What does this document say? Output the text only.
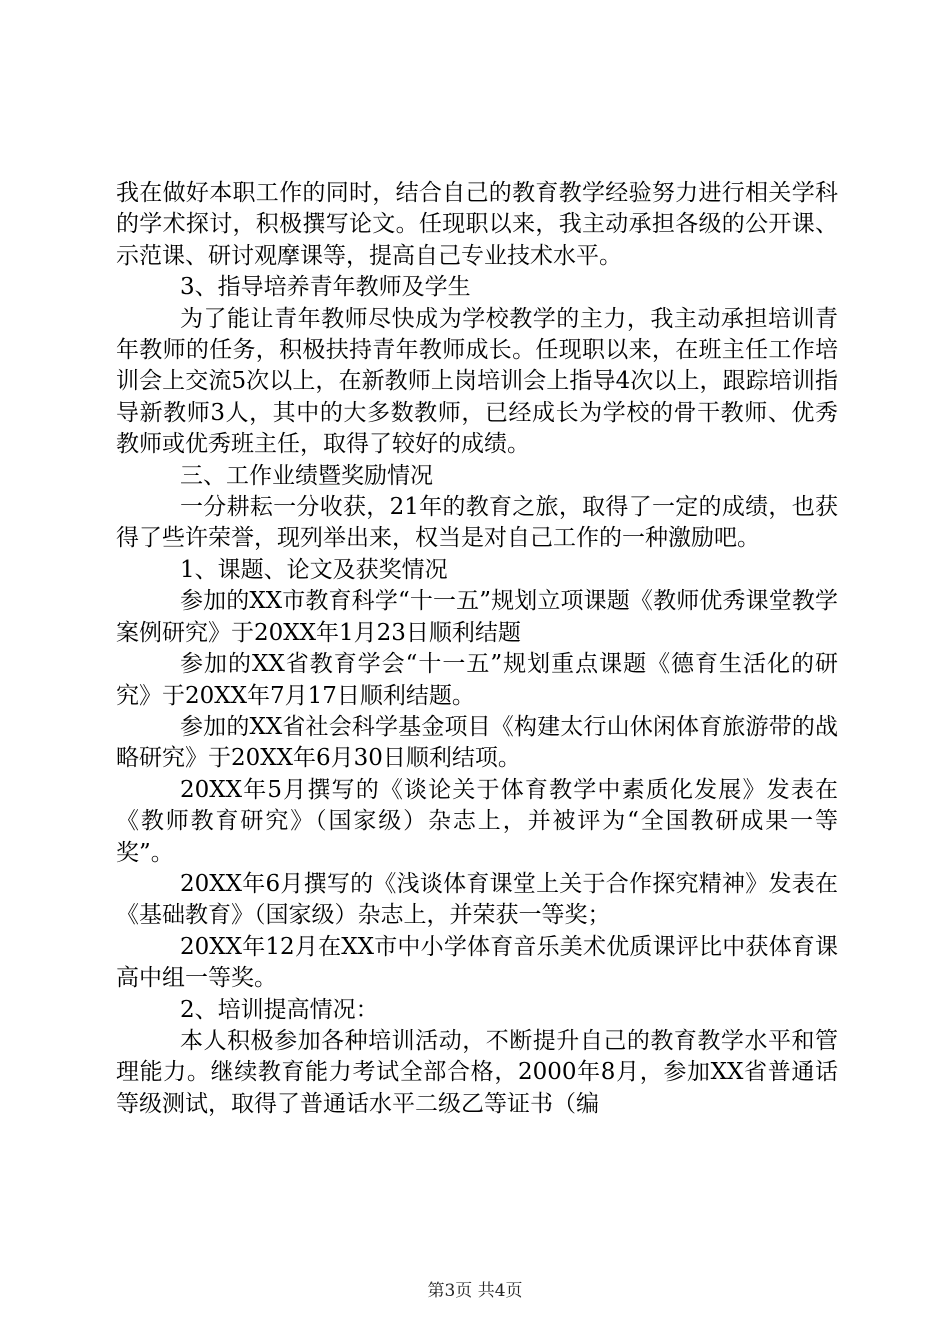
我在做好本职工作的同时，结合自己的教育教学经验努力进行相关学科的学术探讨，积极撰写论文。任现职以来，我主动承担各级的公开课、示范课、研讨观摩课等，提高自己专业技术水平。

3、指导培养青年教师及学生

为了能让青年教师尽快成为学校教学的主力，我主动承担培训青年教师的任务，积极扶持青年教师成长。任现职以来，在班主任工作培训会上交流5次以上，在新教师上岗培训会上指导4次以上，跟踪培训指导新教师3人，其中的大多数教师，已经成长为学校的骨干教师、优秀教师或优秀班主任，取得了较好的成绩。

三、工作业绩暨奖励情况

一分耕耘一分收获，21年的教育之旅，取得了一定的成绩，也获得了些许荣誉，现列举出来，权当是对自己工作的一种激励吧。

1、课题、论文及获奖情况

参加的XX市教育科学“十一五”规划立项课题《教师优秀课堂教学案例研究》于20XX年1月23日顺利结题

参加的XX省教育学会“十一五”规划重点课题《德育生活化的研究》于20XX年7月17日顺利结题。

参加的XX省社会科学基金项目《构建太行山休闲体育旅游带的战略研究》于20XX年6月30日顺利结项。

20XX年5月撰写的《谈论关于体育教学中素质化发展》发表在《教师教育研究》（国家级）杂志上，并被评为“全国教研成果一等奖”。

20XX年6月撰写的《浅谈体育课堂上关于合作探究精神》发表在《基础教育》（国家级）杂志上，并荣获一等奖；

20XX年12月在XX市中小学体育音乐美术优质课评比中获体育课高中组一等奖。

2、培训提高情况：

本人积极参加各种培训活动，不断提升自己的教育教学水平和管理能力。继续教育能力考试全部合格，2000年8月，参加XX省普通话等级测试，取得了普通话水平二级乙等证书（编

第3页 共4页
